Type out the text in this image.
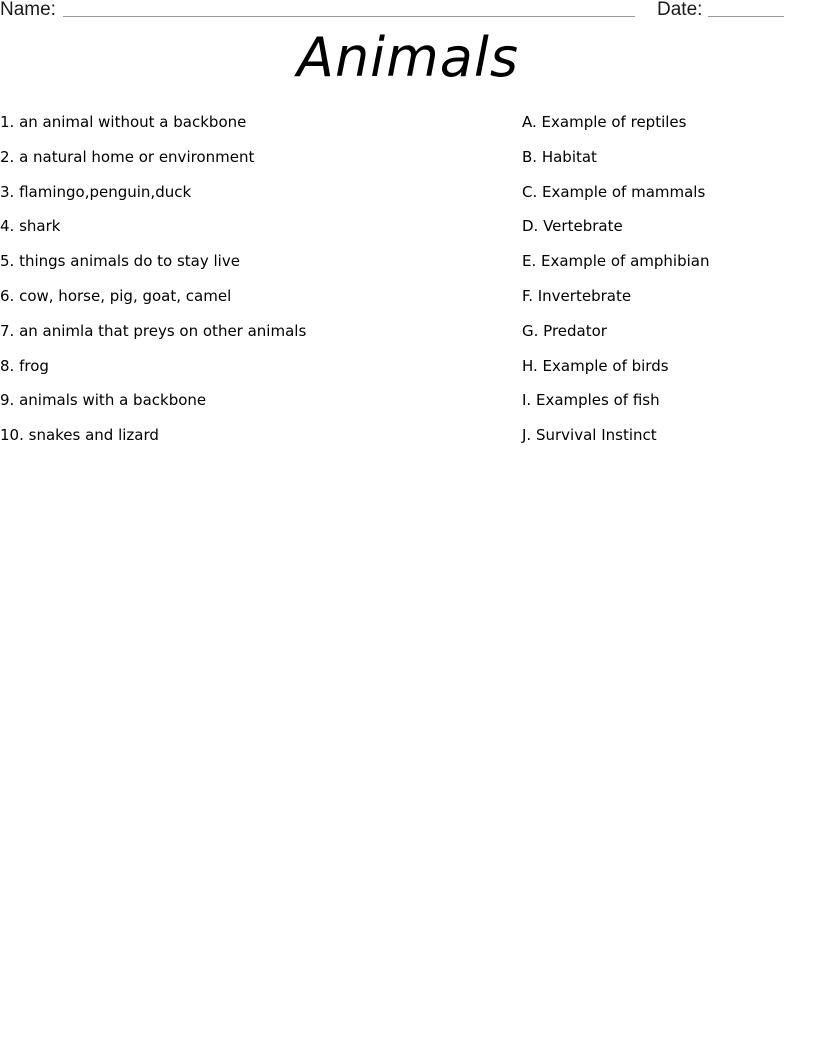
Name:	Date:
Animals
1. an animal without a backbone
2. a natural home or environment
3. flamingo,penguin,duck
4. shark
5. things animals do to stay live
6. cow, horse, pig, goat, camel
7. an animla that preys on other animals
8. frog
9. animals with a backbone
10. snakes and lizard
A. Example of reptiles
B. Habitat
C. Example of mammals
D. Vertebrate
E. Example of amphibian
F. Invertebrate
G. Predator
H. Example of birds
I. Examples of fish
J. Survival Instinct
